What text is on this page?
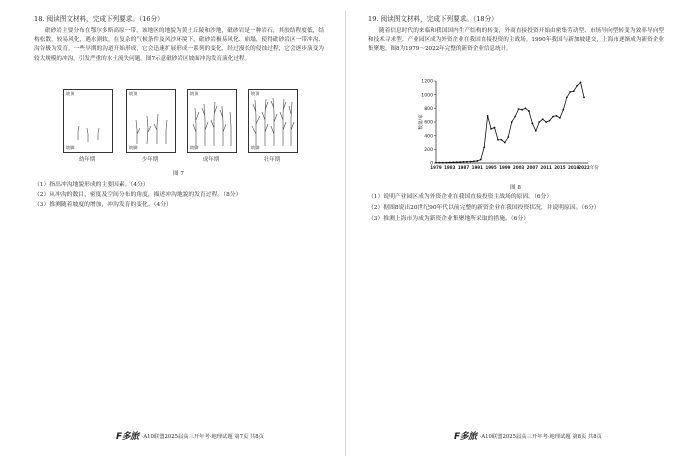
18. 阅读图文材料，完成下列要求。（16分）

砒砂岩主要分布在鄂尔多斯高原一带，该地区的地貌为黄土丘陵和沙地，砒砂岩是一种岩石，其胶结程度低，结构松散，较易风化，遇水则软，在复杂的气候条件及风沙环境下，砒砂岩极易风化、崩塌，使得砒砂岩区一带冲沟、沟谷极为发育。一些早期的沟道开始形成，它会迅速扩展形成一系列的变化，经过漫长的侵蚀过程，它会逐步演变为较大规模的冲沟，引发严重的水土流失问题。图7示意砒砂岩区坡面冲沟发育演化过程。

坡顶
坡脚
幼年期
坡顶
坡脚
少年期
坡顶
坡脚
成年期
坡顶
坡脚
壮年期
图 7

（1）指出冲沟地貌形成的主要因素。（4分）

（2）从冲沟的数目、密度及空间分布的角度，描述冲沟地貌的发育过程。（8分）

（3）推测随着坡度的增加，冲沟发育的变化。（4分）

F多旅 ·A10联盟2025届高三开年考·地理试题 第7页 共8页
19. 阅读图文材料，完成下列要求。（18分）

随着信息时代的来临和我国国内生产结构的转变，外商直接投资开始由密集劳动型、市场导向型转变为效率导向型和技术寻求型。产业园区成为外资企业在我国直接投资的主战场。1990年我国与新加坡建交，上海市逐渐成为新资企业集聚地。图8为1979～2022年完整的新资企业信息统计。

图 8

（1）说明产业园区成为外资企业在我国直接投资主战场的原因。（6分）

（2）据图8说出20世纪90年代以前完整的新资企业在我国投资状况，并说明原因。（6分）

（3）推测上海市为成为新资企业集聚地所采取的措施。（6分）

F多旅 ·A10联盟2025届高三开年考·地理试题 第8页 共8页
0
200
400
600
800
1000
1200
数量/家
1979 1983 1987 1991 1995 1999 2003 2007 2011 2015 2019
2022 年份
